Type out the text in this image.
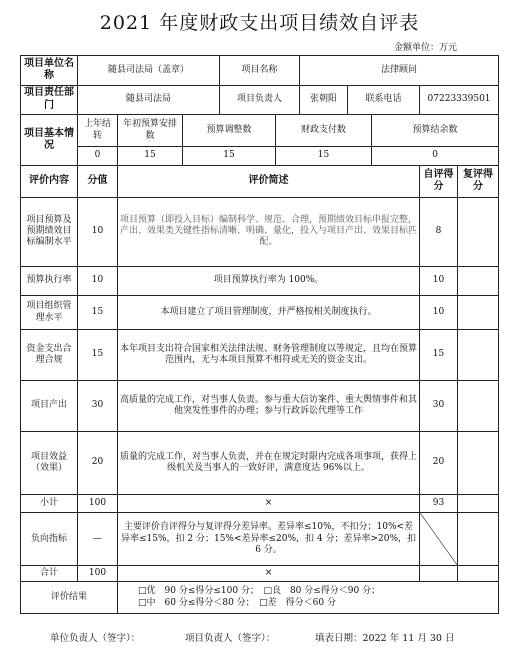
2021 年度财政支出项目绩效自评表
金额单位：万元
项目单位名称	随县司法局（盖章）			项目名称		法律顾问				
项目责任部门	随县司法局			项目负责人		张朝阳	联系电话		07223339501	
项目基本情况	上年结转	年初预算安排数	预算调整数		财政支付数			预算结余数		
	0	15	15		15			0		
评价内容	分值	评价简述							自评得分	复评得分
项目预算及预期绩效目标编制水平	10	项目预算（即投入目标）编制科学、规范、合理，预期绩效目标申报完整，产出、效果类关键性指标清晰、明确、量化，投入与项目产出、效果目标匹配。							8	
预算执行率	10	项目预算执行率为 100%。							10	
项目组织管理水平	15	本项目建立了项目管理制度，并严格按相关制度执行。							10	
资金支出合理合规	15	本年项目支出符合国家相关法律法规、财务管理制度以等规定，且均在预算范围内，无与本项目预算不相符或无关的资金支出。							15	
项目产出	30	高质量的完成工作，对当事人负责。参与重大信访案件、重大舆情事件和其他突发性事件的办理；参与行政诉讼代理等工作							30	
项目效益（效果）	20	质量的完成工作，对当事人负责，并在在规定时限内完成各项事项，获得上级机关及当事人的一致好评，满意度达 96%以上。							20	
小计	100	×							93	
负向指标	—	主要评价自评得分与复评得分差异率。差异率≤10%，不扣分；10%<差异率≤15%，扣 2 分；15%<差异率≤20%，扣 4 分；差异率>20%，扣 6 分。								
合计	100	×								
评价结果		□优　90 分≤得分≤100 分；　□良　80 分≤得分＜90 分；
□中　60 分≤得分＜80 分；　□差　得分＜60 分								
单位负责人（签字）：	项目负责人（签字）：	填表日期：2022 年 11 月 30 日
